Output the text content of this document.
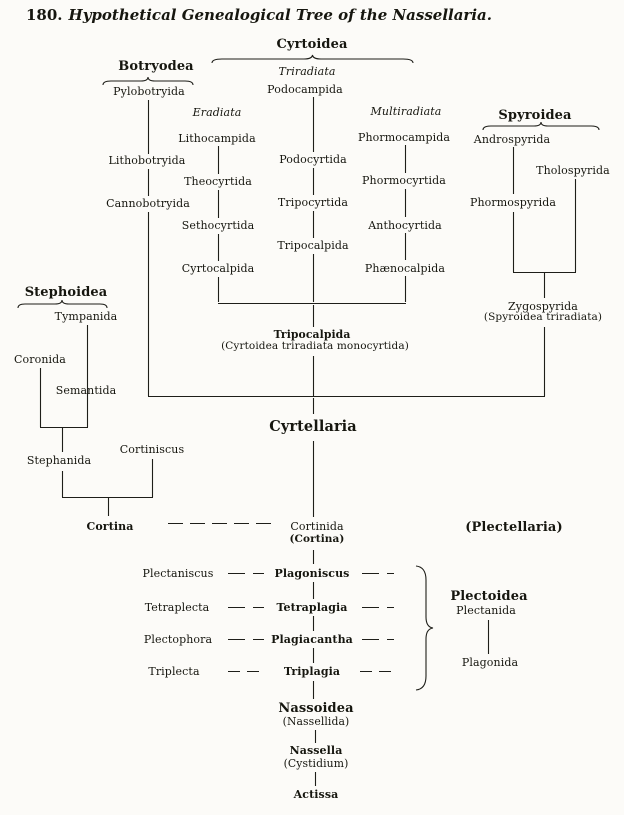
180. Hypothetical Genealogical Tree of the Nassellaria.
Cyrtoidea
Botryodea
Spyroidea
Triradiata
Podocampida
Pylobotryida
Eradiata	Multiradiata
Lithocampida	Phormocampida Androspyrida
Lithobotryida	Podocyrtida
Tholospyrida
Theocyrtida	Phormocyrtida
Cannobotryida	Tripocyrtida	Phormospyrida
Sethocyrtida	Anthocyrtida
Tripocalpida
Cyrtocalpida	Phænocalpida
Stephoidea
Zygospyrida
(Spyroidea triradiata)
Tympanida
Tripocalpida
(Cyrtoidea triradiata monocyrtida)
Coronida
Semantida
Cyrtellaria
Cortiniscus
Stephanida
Cortina	Cortinida
(Cortina)
(Plectellaria)
Plectaniscus	Plagoniscus
Tetraplecta	Tetraplagia
Plectophora	Plagiacantha
Triplecta	Triplagia
Plectoidea
Plectanida
Plagonida
Nassoidea
(Nassellida)
Nassella
(Cystidium)
Actissa
